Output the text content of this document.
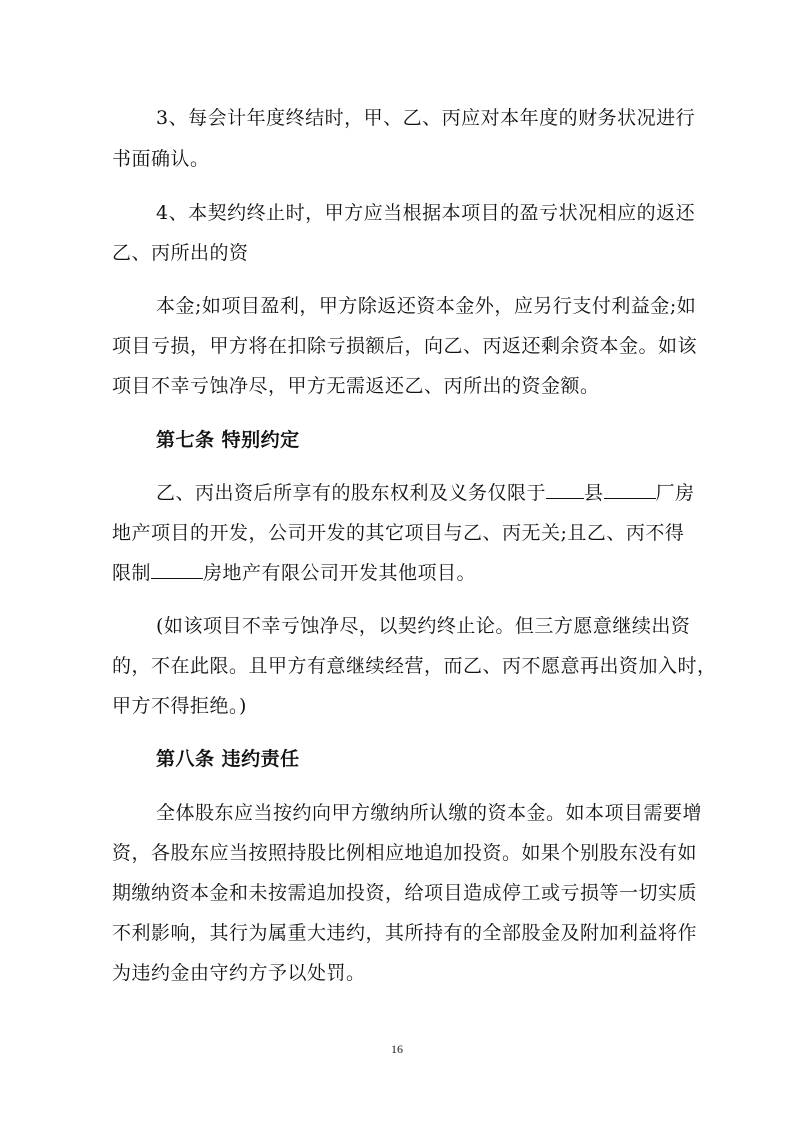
3、每会计年度终结时，甲、乙、丙应对本年度的财务状况进行
书面确认。
4、本契约终止时，甲方应当根据本项目的盈亏状况相应的返还
乙、丙所出的资
本金;如项目盈利，甲方除返还资本金外，应另行支付利益金;如
项目亏损，甲方将在扣除亏损额后，向乙、丙返还剩余资本金。如该
项目不幸亏蚀净尽，甲方无需返还乙、丙所出的资金额。
第七条 特别约定
乙、丙出资后所享有的股东权利及义务仅限于 县	厂房
地产项目的开发，公司开发的其它项目与乙、丙无关;且乙、丙不得
限制	房地产有限公司开发其他项目。
(如该项目不幸亏蚀净尽，以契约终止论。但三方愿意继续出资
的，不在此限。且甲方有意继续经营，而乙、丙不愿意再出资加入时，
甲方不得拒绝。)
第八条 违约责任
全体股东应当按约向甲方缴纳所认缴的资本金。如本项目需要增
资，各股东应当按照持股比例相应地追加投资。如果个别股东没有如
期缴纳资本金和未按需追加投资，给项目造成停工或亏损等一切实质
不利影响，其行为属重大违约，其所持有的全部股金及附加利益将作
为违约金由守约方予以处罚。
16
